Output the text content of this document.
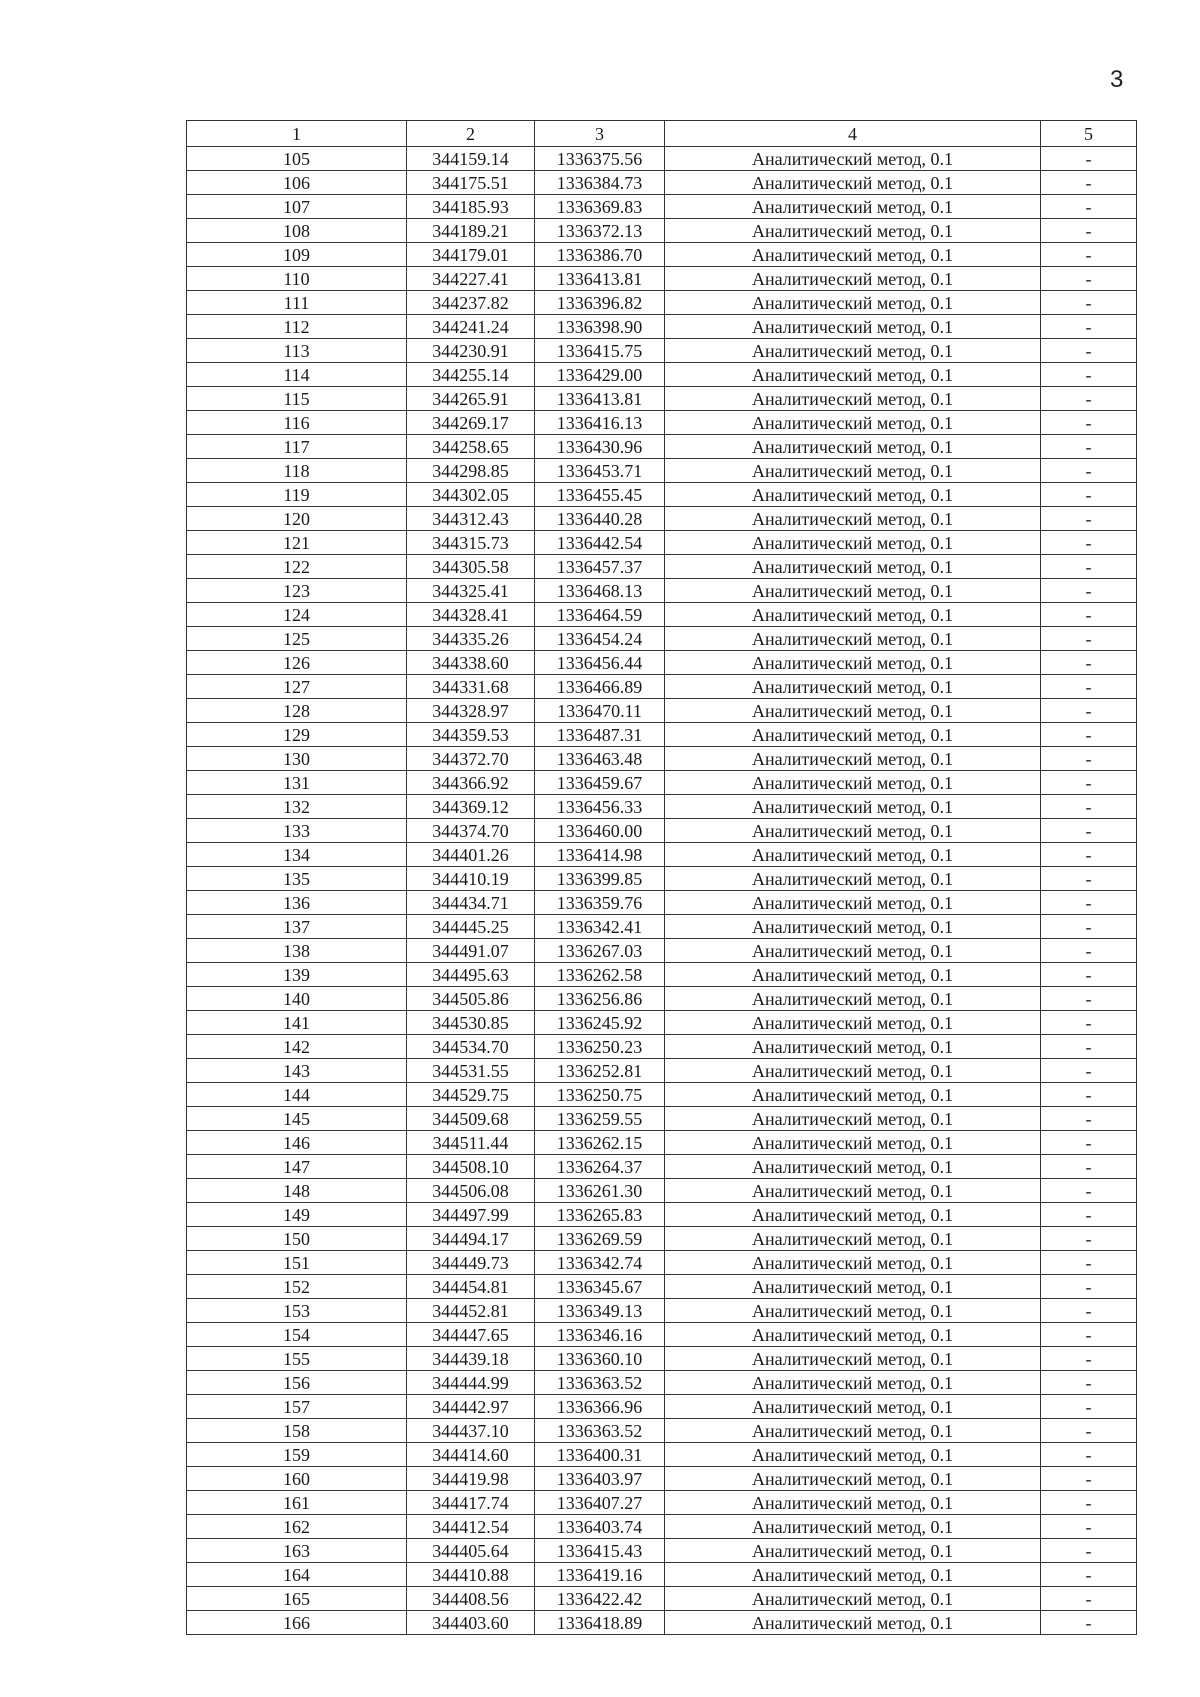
3
1	2	3	4	5
105	344159.14	1336375.56	Аналитический метод, 0.1	-
106	344175.51	1336384.73	Аналитический метод, 0.1	-
107	344185.93	1336369.83	Аналитический метод, 0.1	-
108	344189.21	1336372.13	Аналитический метод, 0.1	-
109	344179.01	1336386.70	Аналитический метод, 0.1	-
110	344227.41	1336413.81	Аналитический метод, 0.1	-
111	344237.82	1336396.82	Аналитический метод, 0.1	-
112	344241.24	1336398.90	Аналитический метод, 0.1	-
113	344230.91	1336415.75	Аналитический метод, 0.1	-
114	344255.14	1336429.00	Аналитический метод, 0.1	-
115	344265.91	1336413.81	Аналитический метод, 0.1	-
116	344269.17	1336416.13	Аналитический метод, 0.1	-
117	344258.65	1336430.96	Аналитический метод, 0.1	-
118	344298.85	1336453.71	Аналитический метод, 0.1	-
119	344302.05	1336455.45	Аналитический метод, 0.1	-
120	344312.43	1336440.28	Аналитический метод, 0.1	-
121	344315.73	1336442.54	Аналитический метод, 0.1	-
122	344305.58	1336457.37	Аналитический метод, 0.1	-
123	344325.41	1336468.13	Аналитический метод, 0.1	-
124	344328.41	1336464.59	Аналитический метод, 0.1	-
125	344335.26	1336454.24	Аналитический метод, 0.1	-
126	344338.60	1336456.44	Аналитический метод, 0.1	-
127	344331.68	1336466.89	Аналитический метод, 0.1	-
128	344328.97	1336470.11	Аналитический метод, 0.1	-
129	344359.53	1336487.31	Аналитический метод, 0.1	-
130	344372.70	1336463.48	Аналитический метод, 0.1	-
131	344366.92	1336459.67	Аналитический метод, 0.1	-
132	344369.12	1336456.33	Аналитический метод, 0.1	-
133	344374.70	1336460.00	Аналитический метод, 0.1	-
134	344401.26	1336414.98	Аналитический метод, 0.1	-
135	344410.19	1336399.85	Аналитический метод, 0.1	-
136	344434.71	1336359.76	Аналитический метод, 0.1	-
137	344445.25	1336342.41	Аналитический метод, 0.1	-
138	344491.07	1336267.03	Аналитический метод, 0.1	-
139	344495.63	1336262.58	Аналитический метод, 0.1	-
140	344505.86	1336256.86	Аналитический метод, 0.1	-
141	344530.85	1336245.92	Аналитический метод, 0.1	-
142	344534.70	1336250.23	Аналитический метод, 0.1	-
143	344531.55	1336252.81	Аналитический метод, 0.1	-
144	344529.75	1336250.75	Аналитический метод, 0.1	-
145	344509.68	1336259.55	Аналитический метод, 0.1	-
146	344511.44	1336262.15	Аналитический метод, 0.1	-
147	344508.10	1336264.37	Аналитический метод, 0.1	-
148	344506.08	1336261.30	Аналитический метод, 0.1	-
149	344497.99	1336265.83	Аналитический метод, 0.1	-
150	344494.17	1336269.59	Аналитический метод, 0.1	-
151	344449.73	1336342.74	Аналитический метод, 0.1	-
152	344454.81	1336345.67	Аналитический метод, 0.1	-
153	344452.81	1336349.13	Аналитический метод, 0.1	-
154	344447.65	1336346.16	Аналитический метод, 0.1	-
155	344439.18	1336360.10	Аналитический метод, 0.1	-
156	344444.99	1336363.52	Аналитический метод, 0.1	-
157	344442.97	1336366.96	Аналитический метод, 0.1	-
158	344437.10	1336363.52	Аналитический метод, 0.1	-
159	344414.60	1336400.31	Аналитический метод, 0.1	-
160	344419.98	1336403.97	Аналитический метод, 0.1	-
161	344417.74	1336407.27	Аналитический метод, 0.1	-
162	344412.54	1336403.74	Аналитический метод, 0.1	-
163	344405.64	1336415.43	Аналитический метод, 0.1	-
164	344410.88	1336419.16	Аналитический метод, 0.1	-
165	344408.56	1336422.42	Аналитический метод, 0.1	-
166	344403.60	1336418.89	Аналитический метод, 0.1	-
